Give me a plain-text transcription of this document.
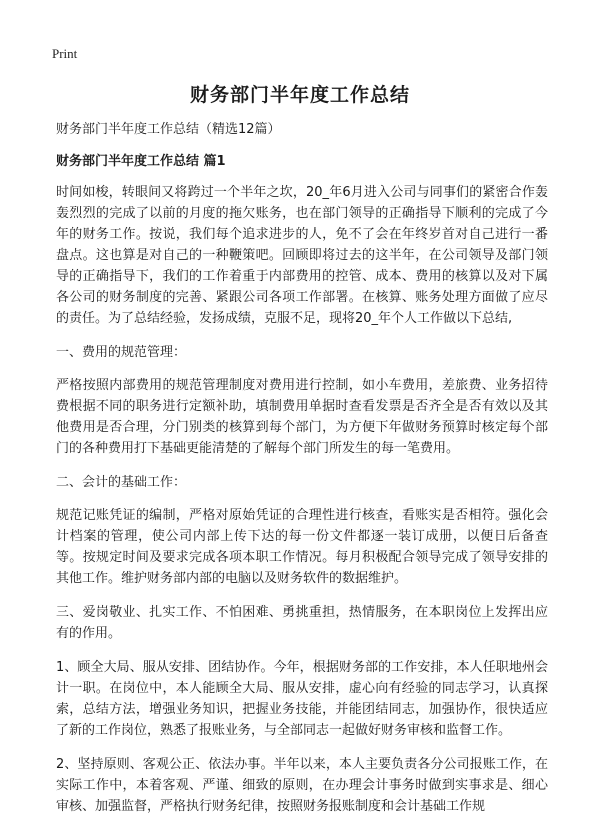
Print
财务部门半年度工作总结

财务部门半年度工作总结（精选12篇）

财务部门半年度工作总结 篇1

时间如梭，转眼间又将跨过一个半年之坎，20_年6月进入公司与同事们的紧密合作轰轰烈烈的完成了以前的月度的拖欠账务，也在部门领导的正确指导下顺利的完成了今年的财务工作。按说，我们每个追求进步的人，免不了会在年终岁首对自己进行一番盘点。这也算是对自己的一种鞭策吧。回顾即将过去的这半年，在公司领导及部门领导的正确指导下，我们的工作着重于内部费用的控管、成本、费用的核算以及对下属各公司的财务制度的完善、紧跟公司各项工作部署。在核算、账务处理方面做了应尽的责任。为了总结经验，发扬成绩，克服不足，现将20_年个人工作做以下总结,

一、费用的规范管理：

严格按照内部费用的规范管理制度对费用进行控制，如小车费用，差旅费、业务招待费根据不同的职务进行定额补助，填制费用单据时查看发票是否齐全是否有效以及其他费用是否合理，分门别类的核算到每个部门，为方便下年做财务预算时核定每个部门的各种费用打下基础更能清楚的了解每个部门所发生的每一笔费用。

二、会计的基础工作：

规范记账凭证的编制，严格对原始凭证的合理性进行核查，看账实是否相符。强化会计档案的管理，使公司内部上传下达的每一份文件都逐一装订成册，以便日后备查等。按规定时间及要求完成各项本职工作情况。每月积极配合领导完成了领导安排的其他工作。维护财务部内部的电脑以及财务软件的数据维护。

三、爱岗敬业、扎实工作、不怕困难、勇挑重担，热情服务，在本职岗位上发挥出应有的作用。

1、顾全大局、服从安排、团结协作。今年，根据财务部的工作安排，本人任职地州会计一职。在岗位中，本人能顾全大局、服从安排，虚心向有经验的同志学习，认真探索，总结方法，增强业务知识，把握业务技能，并能团结同志，加强协作，很快适应了新的工作岗位，熟悉了报账业务，与全部同志一起做好财务审核和监督工作。

2、坚持原则、客观公正、依法办事。半年以来，本人主要负责各分公司报账工作，在实际工作中，本着客观、严谨、细致的原则，在办理会计事务时做到实事求是、细心审核、加强监督，严格执行财务纪律，按照财务报账制度和会计基础工作规
